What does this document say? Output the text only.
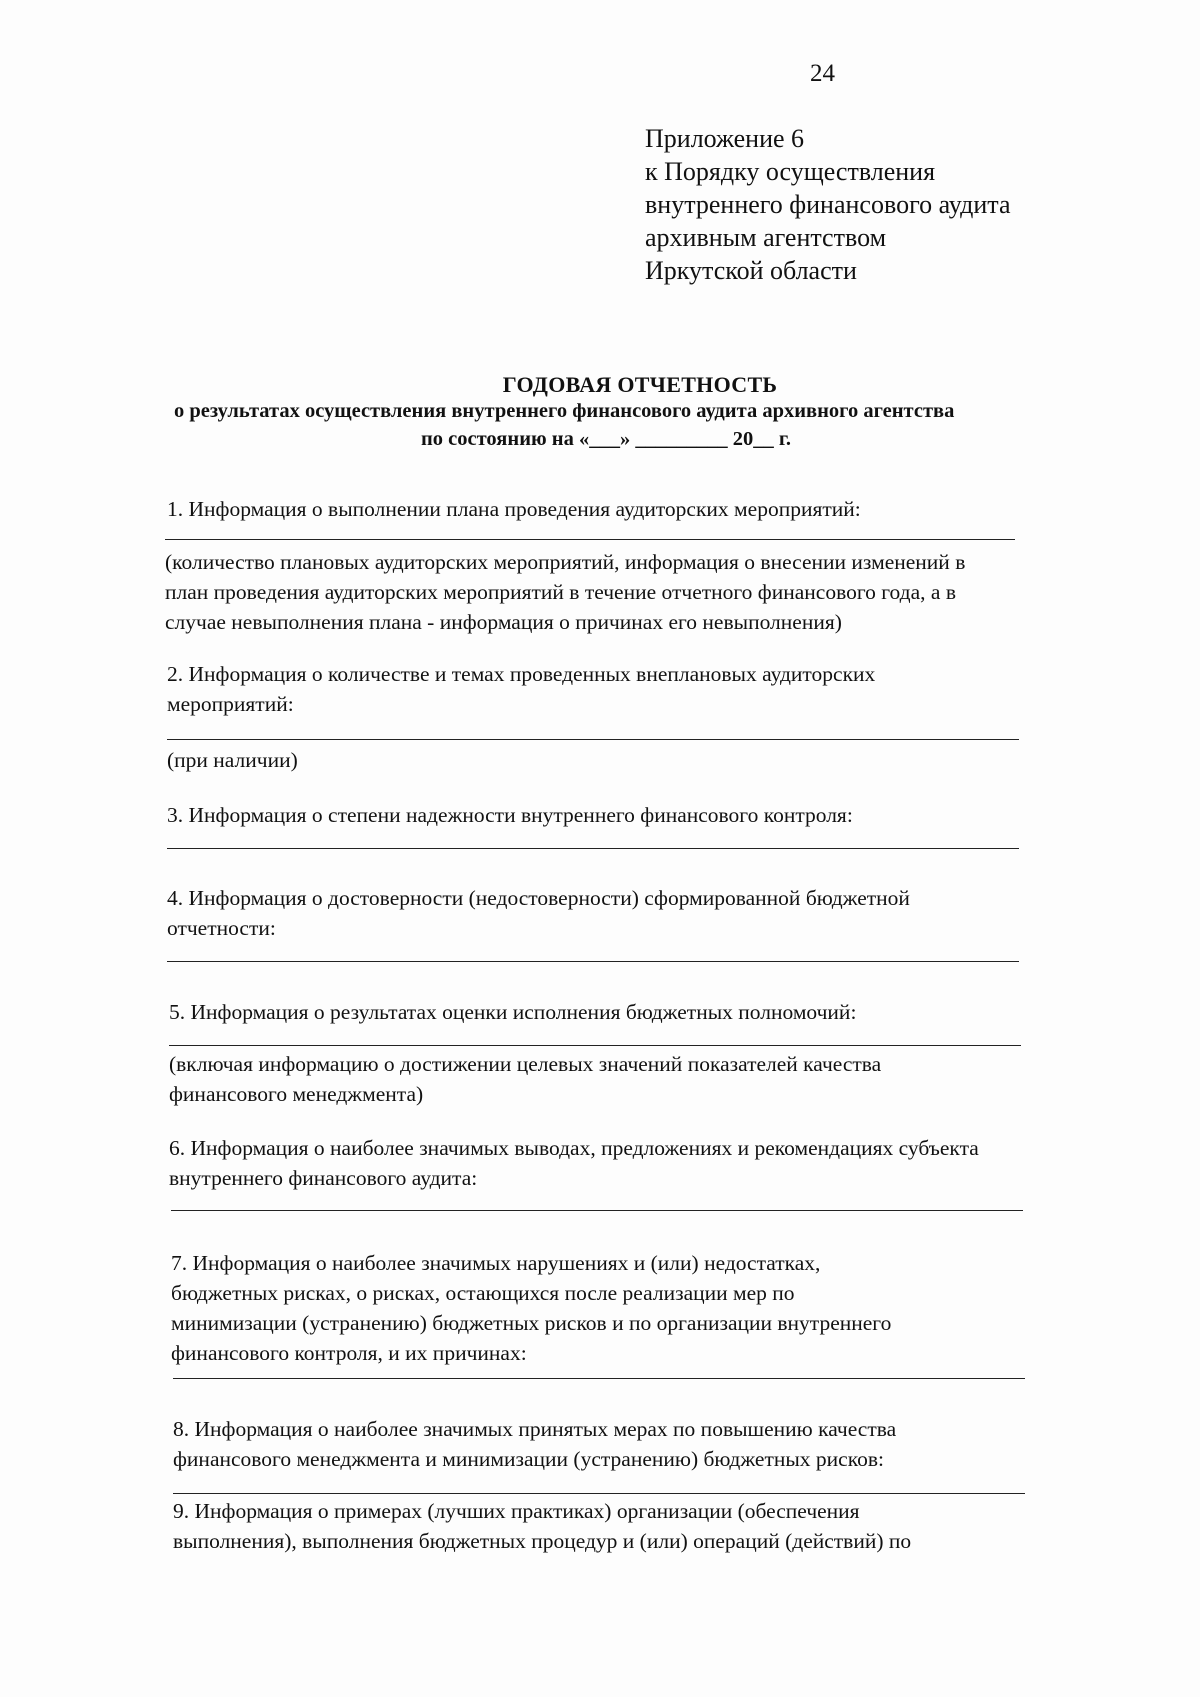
24
Приложение 6
к Порядку осуществления
внутреннего финансового аудита
архивным агентством
Иркутской области
ГОДОВАЯ ОТЧЕТНОСТЬ
о результатах осуществления внутреннего финансового аудита архивного агентства
по состоянию на «___» _________ 20__ г.
1. Информация о выполнении плана проведения аудиторских мероприятий:
(количество плановых аудиторских мероприятий, информация о внесении изменений в
план проведения аудиторских мероприятий в течение отчетного финансового года, а в
случае невыполнения плана - информация о причинах его невыполнения)
2. Информация о количестве и темах проведенных внеплановых аудиторских
мероприятий:
(при наличии)
3. Информация о степени надежности внутреннего финансового контроля:
4. Информация о достоверности (недостоверности) сформированной бюджетной
отчетности:
5. Информация о результатах оценки исполнения бюджетных полномочий:
(включая информацию о достижении целевых значений показателей качества
финансового менеджмента)
6. Информация о наиболее значимых выводах, предложениях и рекомендациях субъекта
внутреннего финансового аудита:
7. Информация о наиболее значимых нарушениях и (или) недостатках,
бюджетных рисках, о рисках, остающихся после реализации мер по
минимизации (устранению) бюджетных рисков и по организации внутреннего
финансового контроля, и их причинах:
8. Информация о наиболее значимых принятых мерах по повышению качества
финансового менеджмента и минимизации (устранению) бюджетных рисков:
9. Информация о примерах (лучших практиках) организации (обеспечения
выполнения), выполнения бюджетных процедур и (или) операций (действий) по
